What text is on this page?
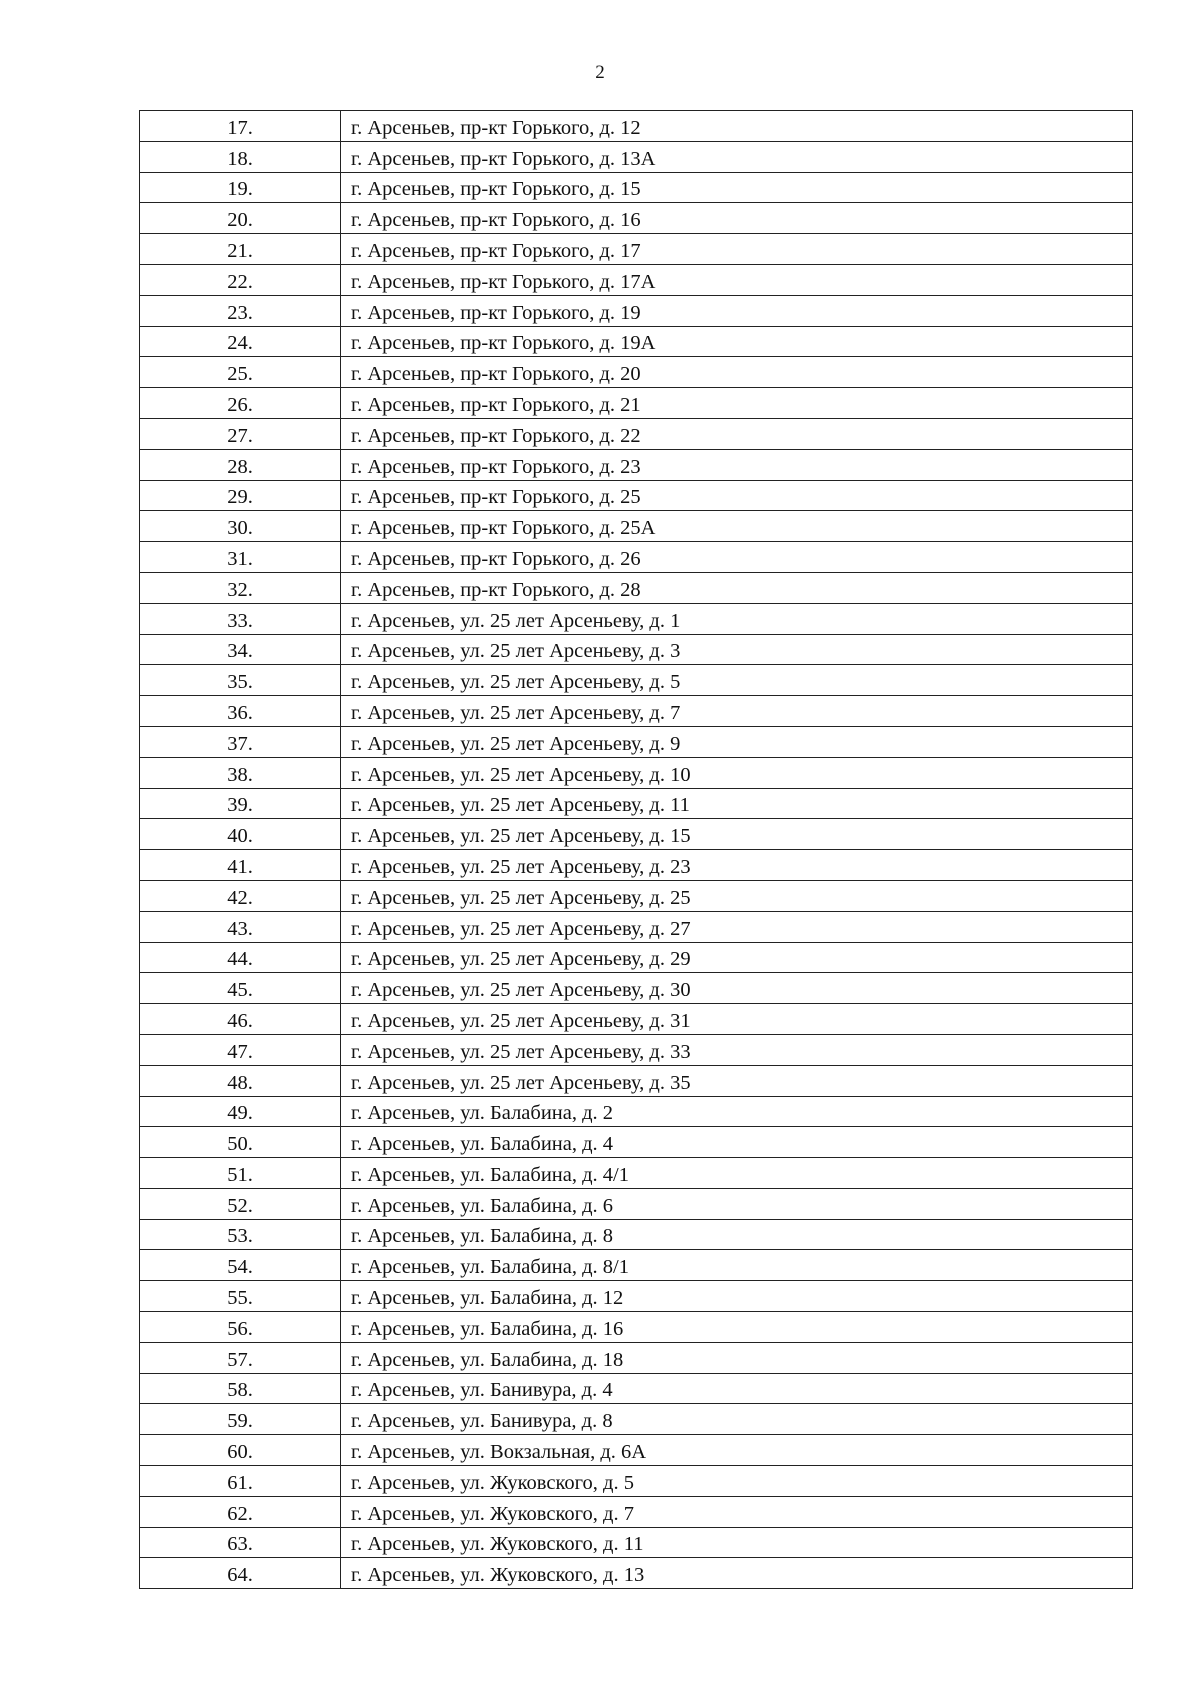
2
17.	г. Арсеньев, пр-кт Горького, д. 12
18.	г. Арсеньев, пр-кт Горького, д. 13А
19.	г. Арсеньев, пр-кт Горького, д. 15
20.	г. Арсеньев, пр-кт Горького, д. 16
21.	г. Арсеньев, пр-кт Горького, д. 17
22.	г. Арсеньев, пр-кт Горького, д. 17А
23.	г. Арсеньев, пр-кт Горького, д. 19
24.	г. Арсеньев, пр-кт Горького, д. 19А
25.	г. Арсеньев, пр-кт Горького, д. 20
26.	г. Арсеньев, пр-кт Горького, д. 21
27.	г. Арсеньев, пр-кт Горького, д. 22
28.	г. Арсеньев, пр-кт Горького, д. 23
29.	г. Арсеньев, пр-кт Горького, д. 25
30.	г. Арсеньев, пр-кт Горького, д. 25А
31.	г. Арсеньев, пр-кт Горького, д. 26
32.	г. Арсеньев, пр-кт Горького, д. 28
33.	г. Арсеньев, ул. 25 лет Арсеньеву, д. 1
34.	г. Арсеньев, ул. 25 лет Арсеньеву, д. 3
35.	г. Арсеньев, ул. 25 лет Арсеньеву, д. 5
36.	г. Арсеньев, ул. 25 лет Арсеньеву, д. 7
37.	г. Арсеньев, ул. 25 лет Арсеньеву, д. 9
38.	г. Арсеньев, ул. 25 лет Арсеньеву, д. 10
39.	г. Арсеньев, ул. 25 лет Арсеньеву, д. 11
40.	г. Арсеньев, ул. 25 лет Арсеньеву, д. 15
41.	г. Арсеньев, ул. 25 лет Арсеньеву, д. 23
42.	г. Арсеньев, ул. 25 лет Арсеньеву, д. 25
43.	г. Арсеньев, ул. 25 лет Арсеньеву, д. 27
44.	г. Арсеньев, ул. 25 лет Арсеньеву, д. 29
45.	г. Арсеньев, ул. 25 лет Арсеньеву, д. 30
46.	г. Арсеньев, ул. 25 лет Арсеньеву, д. 31
47.	г. Арсеньев, ул. 25 лет Арсеньеву, д. 33
48.	г. Арсеньев, ул. 25 лет Арсеньеву, д. 35
49.	г. Арсеньев, ул. Балабина, д. 2
50.	г. Арсеньев, ул. Балабина, д. 4
51.	г. Арсеньев, ул. Балабина, д. 4/1
52.	г. Арсеньев, ул. Балабина, д. 6
53.	г. Арсеньев, ул. Балабина, д. 8
54.	г. Арсеньев, ул. Балабина, д. 8/1
55.	г. Арсеньев, ул. Балабина, д. 12
56.	г. Арсеньев, ул. Балабина, д. 16
57.	г. Арсеньев, ул. Балабина, д. 18
58.	г. Арсеньев, ул. Банивура, д. 4
59.	г. Арсеньев, ул. Банивура, д. 8
60.	г. Арсеньев, ул. Вокзальная, д. 6А
61.	г. Арсеньев, ул. Жуковского, д. 5
62.	г. Арсеньев, ул. Жуковского, д. 7
63.	г. Арсеньев, ул. Жуковского, д. 11
64.	г. Арсеньев, ул. Жуковского, д. 13
